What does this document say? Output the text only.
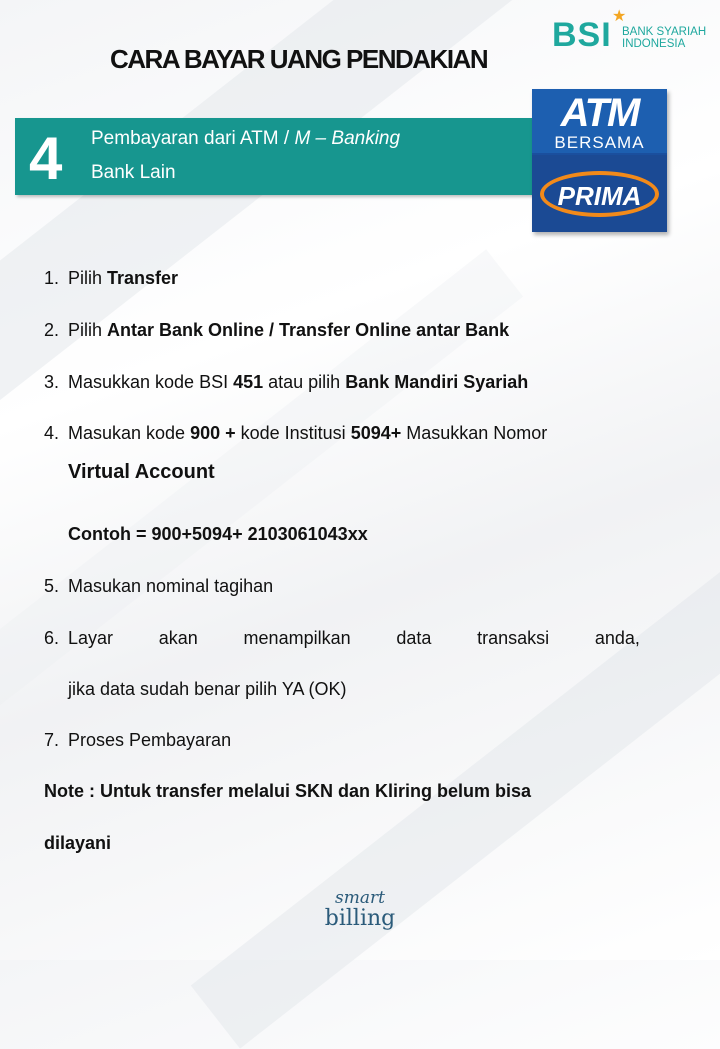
BSI ★
BANK SYARIAH
INDONESIA
CARA BAYAR UANG PENDAKIAN
4 Pembayaran dari ATM / M – Banking
Bank Lain
ATM
BERSAMA
PRIMA
1. Pilih Transfer
2. Pilih Antar Bank Online / Transfer Online antar Bank
3. Masukkan kode BSI 451 atau pilih Bank Mandiri Syariah
4. Masukan kode 900 + kode Institusi 5094+ Masukkan Nomor
Virtual Account
Contoh = 900+5094+ 2103061043xx
5. Masukan nominal tagihan
6. Layar	akan	menampilkan	data	transaksi	anda,
jika data sudah benar pilih YA (OK)
7. Proses Pembayaran
Note : Untuk transfer melalui SKN dan Kliring belum bisa
dilayani
smart
billing
